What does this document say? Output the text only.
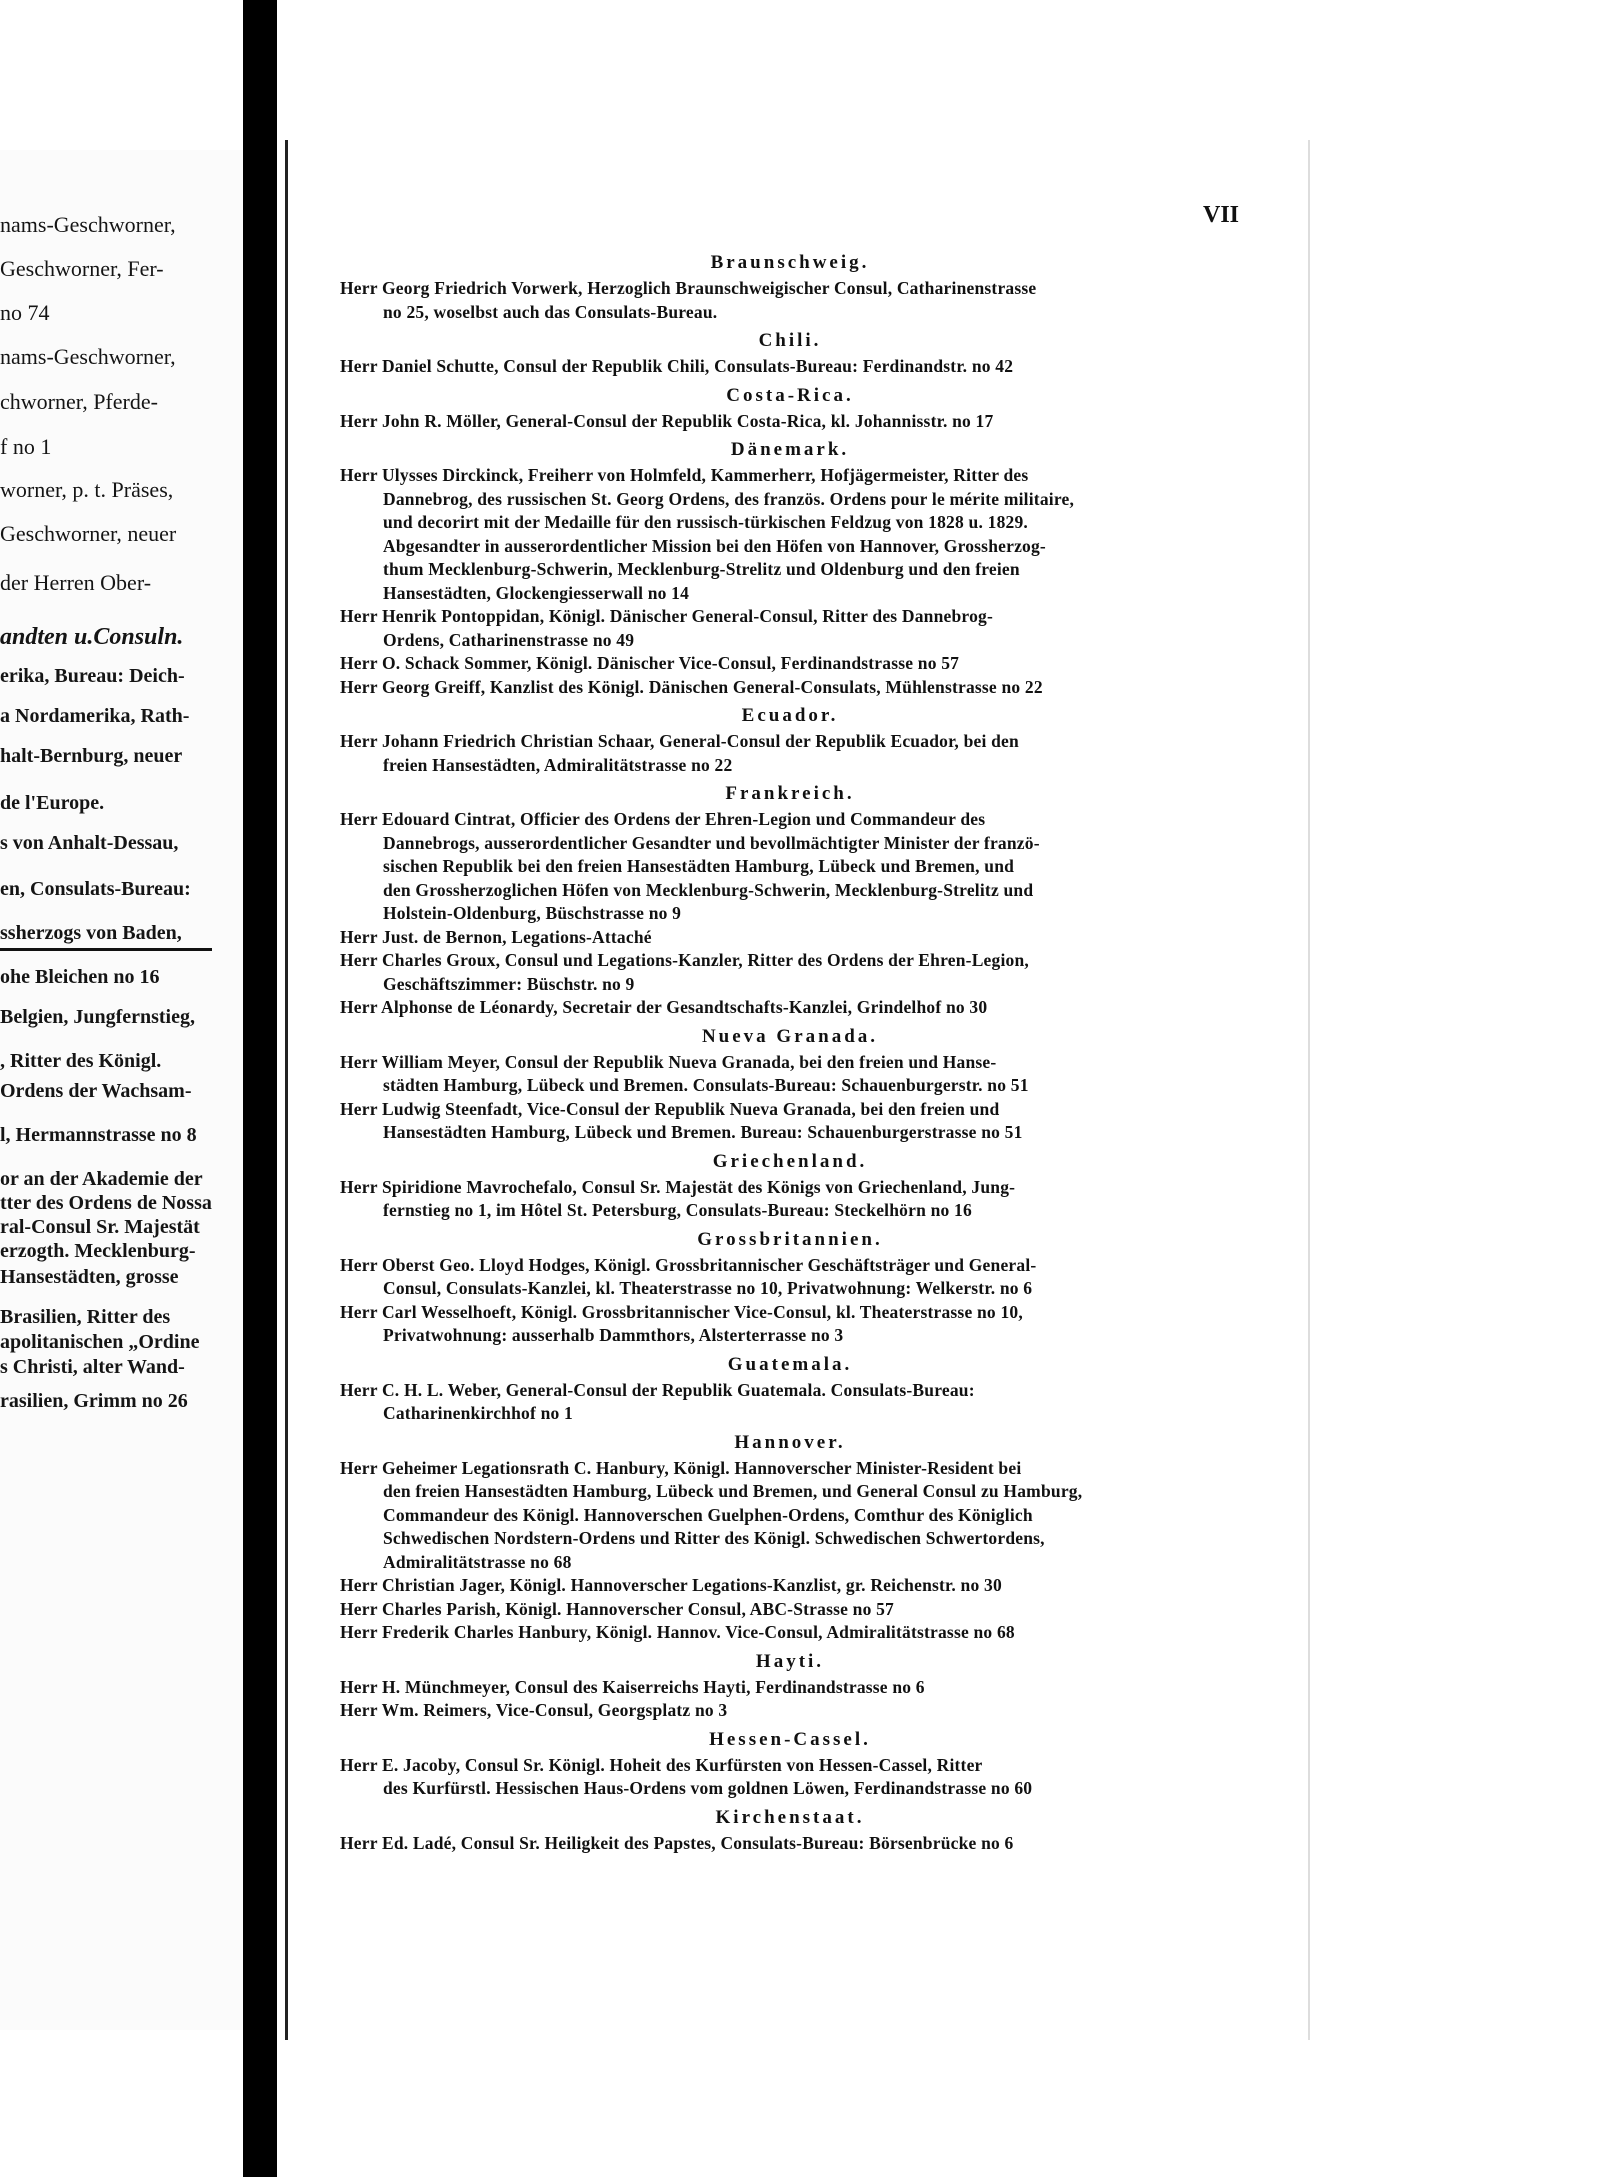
VII
nams-Geschworner,
Geschworner, Fer-
no 74
nams-Geschworner,
chworner, Pferde-
f no 1
worner, p. t. Präses,
Geschworner, neuer
der Herren Ober-
andten u.Consuln.
erika, Bureau: Deich-
a Nordamerika, Rath-
halt-Bernburg, neuer
de l'Europe.
s von Anhalt-Dessau,
en, Consulats-Bureau:
ssherzogs von Baden,
ohe Bleichen no 16
Belgien, Jungfernstieg,
, Ritter des Königl.
Ordens der Wachsam-
l, Hermannstrasse no 8
or an der Akademie der
tter des Ordens de Nossa
ral-Consul Sr. Majestät
erzogth. Mecklenburg-
Hansestädten, grosse
Brasilien, Ritter des
apolitanischen „Ordine
s Christi, alter Wand-
rasilien, Grimm no 26
Braunschweig.
Herr Georg Friedrich Vorwerk, Herzoglich Braunschweigischer Consul, Catharinenstrasse
no 25, woselbst auch das Consulats-Bureau.
Chili.
Herr Daniel Schutte, Consul der Republik Chili, Consulats-Bureau: Ferdinandstr. no 42
Costa-Rica.
Herr John R. Möller, General-Consul der Republik Costa-Rica, kl. Johannisstr. no 17
Dänemark.
Herr Ulysses Dirckinck, Freiherr von Holmfeld, Kammerherr, Hofjägermeister, Ritter des
Dannebrog, des russischen St. Georg Ordens, des französ. Ordens pour le mérite militaire,
und decorirt mit der Medaille für den russisch-türkischen Feldzug von 1828 u. 1829.
Abgesandter in ausserordentlicher Mission bei den Höfen von Hannover, Grossherzog-
thum Mecklenburg-Schwerin, Mecklenburg-Strelitz und Oldenburg und den freien
Hansestädten, Glockengiesserwall no 14
Herr Henrik Pontoppidan, Königl. Dänischer General-Consul, Ritter des Dannebrog-
Ordens, Catharinenstrasse no 49
Herr O. Schack Sommer, Königl. Dänischer Vice-Consul, Ferdinandstrasse no 57
Herr Georg Greiff, Kanzlist des Königl. Dänischen General-Consulats, Mühlenstrasse no 22
Ecuador.
Herr Johann Friedrich Christian Schaar, General-Consul der Republik Ecuador, bei den
freien Hansestädten, Admiralitätstrasse no 22
Frankreich.
Herr Edouard Cintrat, Officier des Ordens der Ehren-Legion und Commandeur des
Dannebrogs, ausserordentlicher Gesandter und bevollmächtigter Minister der franzö-
sischen Republik bei den freien Hansestädten Hamburg, Lübeck und Bremen, und
den Grossherzoglichen Höfen von Mecklenburg-Schwerin, Mecklenburg-Strelitz und
Holstein-Oldenburg, Büschstrasse no 9
Herr Just. de Bernon, Legations-Attaché
Herr Charles Groux, Consul und Legations-Kanzler, Ritter des Ordens der Ehren-Legion,
Geschäftszimmer: Büschstr. no 9
Herr Alphonse de Léonardy, Secretair der Gesandtschafts-Kanzlei, Grindelhof no 30
Nueva Granada.
Herr William Meyer, Consul der Republik Nueva Granada, bei den freien und Hanse-
städten Hamburg, Lübeck und Bremen. Consulats-Bureau: Schauenburgerstr. no 51
Herr Ludwig Steenfadt, Vice-Consul der Republik Nueva Granada, bei den freien und
Hansestädten Hamburg, Lübeck und Bremen. Bureau: Schauenburgerstrasse no 51
Griechenland.
Herr Spiridione Mavrochefalo, Consul Sr. Majestät des Königs von Griechenland, Jung-
fernstieg no 1, im Hôtel St. Petersburg, Consulats-Bureau: Steckelhörn no 16
Grossbritannien.
Herr Oberst Geo. Lloyd Hodges, Königl. Grossbritannischer Geschäftsträger und General-
Consul, Consulats-Kanzlei, kl. Theaterstrasse no 10, Privatwohnung: Welkerstr. no 6
Herr Carl Wesselhoeft, Königl. Grossbritannischer Vice-Consul, kl. Theaterstrasse no 10,
Privatwohnung: ausserhalb Dammthors, Alsterterrasse no 3
Guatemala.
Herr C. H. L. Weber, General-Consul der Republik Guatemala. Consulats-Bureau:
Catharinenkirchhof no 1
Hannover.
Herr Geheimer Legationsrath C. Hanbury, Königl. Hannoverscher Minister-Resident bei
den freien Hansestädten Hamburg, Lübeck und Bremen, und General Consul zu Hamburg,
Commandeur des Königl. Hannoverschen Guelphen-Ordens, Comthur des Königlich
Schwedischen Nordstern-Ordens und Ritter des Königl. Schwedischen Schwertordens,
Admiralitätstrasse no 68
Herr Christian Jager, Königl. Hannoverscher Legations-Kanzlist, gr. Reichenstr. no 30
Herr Charles Parish, Königl. Hannoverscher Consul, ABC-Strasse no 57
Herr Frederik Charles Hanbury, Königl. Hannov. Vice-Consul, Admiralitätstrasse no 68
Hayti.
Herr H. Münchmeyer, Consul des Kaiserreichs Hayti, Ferdinandstrasse no 6
Herr Wm. Reimers, Vice-Consul, Georgsplatz no 3
Hessen-Cassel.
Herr E. Jacoby, Consul Sr. Königl. Hoheit des Kurfürsten von Hessen-Cassel, Ritter
des Kurfürstl. Hessischen Haus-Ordens vom goldnen Löwen, Ferdinandstrasse no 60
Kirchenstaat.
Herr Ed. Ladé, Consul Sr. Heiligkeit des Papstes, Consulats-Bureau: Börsenbrücke no 6
